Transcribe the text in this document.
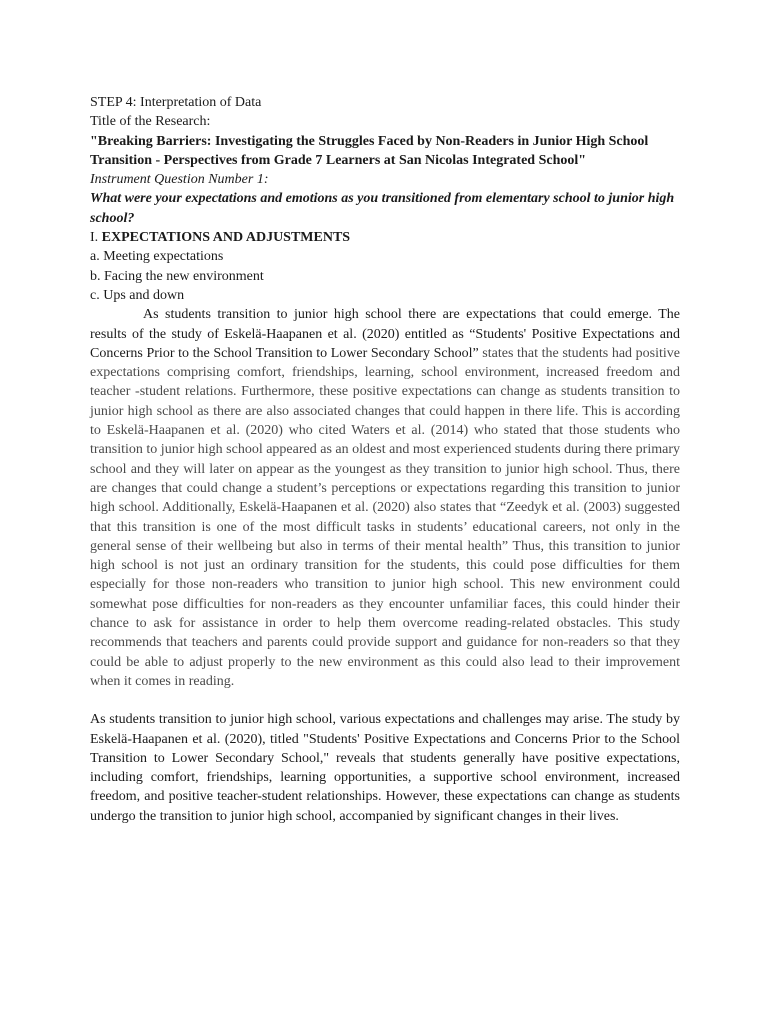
STEP 4: Interpretation of Data
Title of the Research:
"Breaking Barriers: Investigating the Struggles Faced by Non-Readers in Junior High School Transition - Perspectives from Grade 7 Learners at San Nicolas Integrated School"
Instrument Question Number 1:
What were your expectations and emotions as you transitioned from elementary school to junior high school?
I. EXPECTATIONS AND ADJUSTMENTS
a. Meeting expectations
b. Facing the new environment
c. Ups and down

As students transition to junior high school there are expectations that could emerge. The results of the study of Eskelä-Haapanen et al. (2020) entitled as “Students' Positive Expectations and Concerns Prior to the School Transition to Lower Secondary School” states that the students had positive expectations comprising comfort, friendships, learning, school environment, increased freedom and teacher -student relations. Furthermore, these positive expectations can change as students transition to junior high school as there are also associated changes that could happen in there life. This is according to Eskelä-Haapanen et al. (2020) who cited Waters et al. (2014) who stated that those students who transition to junior high school appeared as an oldest and most experienced students during there primary school and they will later on appear as the youngest as they transition to junior high school. Thus, there are changes that could change a student’s perceptions or expectations regarding this transition to junior high school. Additionally, Eskelä-Haapanen et al. (2020) also states that “Zeedyk et al. (2003) suggested that this transition is one of the most difficult tasks in students’ educational careers, not only in the general sense of their wellbeing but also in terms of their mental health” Thus, this transition to junior high school is not just an ordinary transition for the students, this could pose difficulties for them especially for those non-readers who transition to junior high school. This new environment could somewhat pose difficulties for non-readers as they encounter unfamiliar faces, this could hinder their chance to ask for assistance in order to help them overcome reading-related obstacles. This study recommends that teachers and parents could provide support and guidance for non-readers so that they could be able to adjust properly to the new environment as this could also lead to their improvement when it comes in reading.

As students transition to junior high school, various expectations and challenges may arise. The study by Eskelä-Haapanen et al. (2020), titled "Students' Positive Expectations and Concerns Prior to the School Transition to Lower Secondary School," reveals that students generally have positive expectations, including comfort, friendships, learning opportunities, a supportive school environment, increased freedom, and positive teacher-student relationships. However, these expectations can change as students undergo the transition to junior high school, accompanied by significant changes in their lives.
